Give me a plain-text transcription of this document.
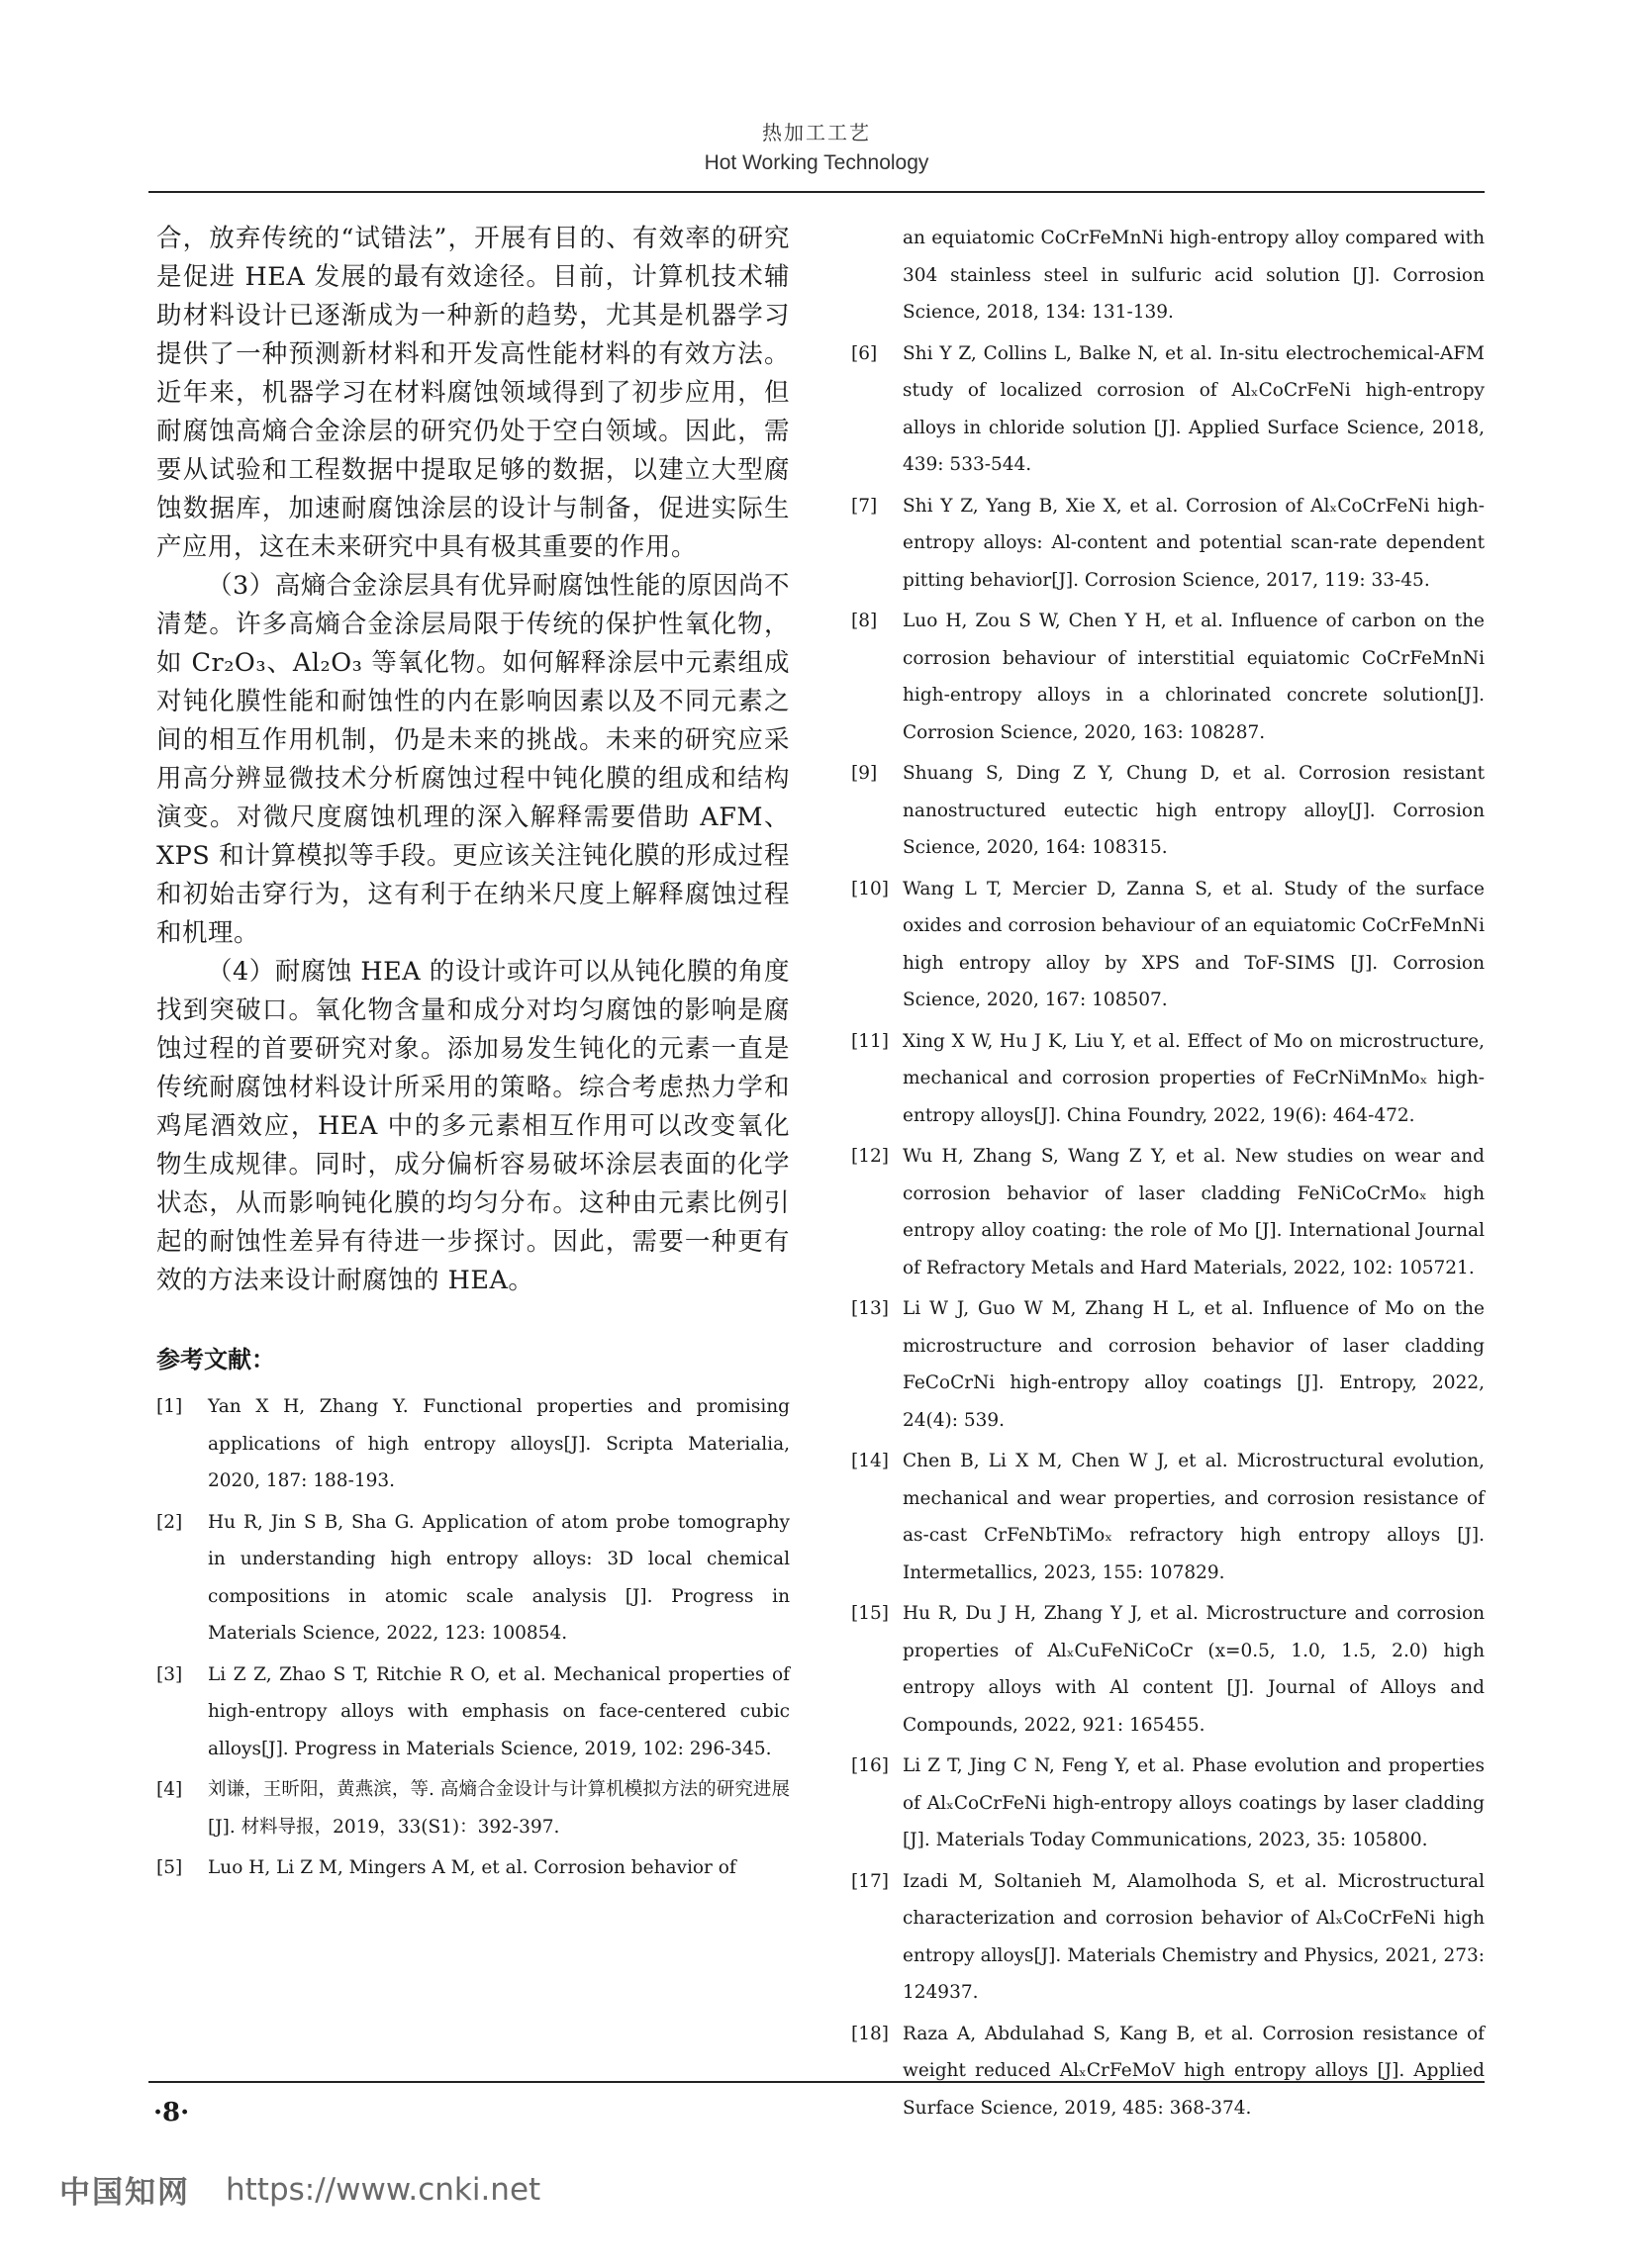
热加工工艺
Hot Working Technology

合，放弃传统的“试错法”，开展有目的、有效率的研究是促进 HEA 发展的最有效途径。目前，计算机技术辅助材料设计已逐渐成为一种新的趋势，尤其是机器学习提供了一种预测新材料和开发高性能材料的有效方法。近年来，机器学习在材料腐蚀领域得到了初步应用，但耐腐蚀高熵合金涂层的研究仍处于空白领域。因此，需要从试验和工程数据中提取足够的数据，以建立大型腐蚀数据库，加速耐腐蚀涂层的设计与制备，促进实际生产应用，这在未来研究中具有极其重要的作用。

（3）高熵合金涂层具有优异耐腐蚀性能的原因尚不清楚。许多高熵合金涂层局限于传统的保护性氧化物，如 Cr₂O₃、Al₂O₃ 等氧化物。如何解释涂层中元素组成对钝化膜性能和耐蚀性的内在影响因素以及不同元素之间的相互作用机制，仍是未来的挑战。未来的研究应采用高分辨显微技术分析腐蚀过程中钝化膜的组成和结构演变。对微尺度腐蚀机理的深入解释需要借助 AFM、XPS 和计算模拟等手段。更应该关注钝化膜的形成过程和初始击穿行为，这有利于在纳米尺度上解释腐蚀过程和机理。

（4）耐腐蚀 HEA 的设计或许可以从钝化膜的角度找到突破口。氧化物含量和成分对均匀腐蚀的影响是腐蚀过程的首要研究对象。添加易发生钝化的元素一直是传统耐腐蚀材料设计所采用的策略。综合考虑热力学和鸡尾酒效应，HEA 中的多元素相互作用可以改变氧化物生成规律。同时，成分偏析容易破坏涂层表面的化学状态，从而影响钝化膜的均匀分布。这种由元素比例引起的耐蚀性差异有待进一步探讨。因此，需要一种更有效的方法来设计耐腐蚀的 HEA。

参考文献：
[1]	Yan X H, Zhang Y. Functional properties and promising applications of high entropy alloys[J]. Scripta Materialia, 2020, 187: 188-193.
[2]	Hu R, Jin S B, Sha G. Application of atom probe tomography in understanding high entropy alloys: 3D local chemical compositions in atomic scale analysis [J]. Progress in Materials Science, 2022, 123: 100854.
[3]	Li Z Z, Zhao S T, Ritchie R O, et al. Mechanical properties of high-entropy alloys with emphasis on face-centered cubic alloys[J]. Progress in Materials Science, 2019, 102: 296-345.
[4]	刘谦，王昕阳，黄燕滨，等. 高熵合金设计与计算机模拟方法的研究进展[J]. 材料导报，2019，33(S1)：392-397.
[5]	Luo H, Li Z M, Mingers A M, et al. Corrosion behavior of
an equiatomic CoCrFeMnNi high-entropy alloy compared with 304 stainless steel in sulfuric acid solution [J]. Corrosion Science, 2018, 134: 131-139.
[6]	Shi Y Z, Collins L, Balke N, et al. In-situ electrochemical-AFM study of localized corrosion of AlₓCoCrFeNi high-entropy alloys in chloride solution [J]. Applied Surface Science, 2018, 439: 533-544.
[7]	Shi Y Z, Yang B, Xie X, et al. Corrosion of AlₓCoCrFeNi high-entropy alloys: Al-content and potential scan-rate dependent pitting behavior[J]. Corrosion Science, 2017, 119: 33-45.
[8]	Luo H, Zou S W, Chen Y H, et al. Influence of carbon on the corrosion behaviour of interstitial equiatomic CoCrFeMnNi high-entropy alloys in a chlorinated concrete solution[J]. Corrosion Science, 2020, 163: 108287.
[9]	Shuang S, Ding Z Y, Chung D, et al. Corrosion resistant nanostructured eutectic high entropy alloy[J]. Corrosion Science, 2020, 164: 108315.
[10] Wang L T, Mercier D, Zanna S, et al. Study of the surface oxides and corrosion behaviour of an equiatomic CoCrFeMnNi high entropy alloy by XPS and ToF-SIMS [J]. Corrosion Science, 2020, 167: 108507.
[11] Xing X W, Hu J K, Liu Y, et al. Effect of Mo on microstructure, mechanical and corrosion properties of FeCrNiMnMoₓ high-entropy alloys[J]. China Foundry, 2022, 19(6): 464-472.
[12] Wu H, Zhang S, Wang Z Y, et al. New studies on wear and corrosion behavior of laser cladding FeNiCoCrMoₓ high entropy alloy coating: the role of Mo [J]. International Journal of Refractory Metals and Hard Materials, 2022, 102: 105721.
[13] Li W J, Guo W M, Zhang H L, et al. Influence of Mo on the microstructure and corrosion behavior of laser cladding FeCoCrNi high-entropy alloy coatings [J]. Entropy, 2022, 24(4): 539.
[14] Chen B, Li X M, Chen W J, et al. Microstructural evolution, mechanical and wear properties, and corrosion resistance of as-cast CrFeNbTiMoₓ refractory high entropy alloys [J]. Intermetallics, 2023, 155: 107829.
[15] Hu R, Du J H, Zhang Y J, et al. Microstructure and corrosion properties of AlₓCuFeNiCoCr (x=0.5, 1.0, 1.5, 2.0) high entropy alloys with Al content [J]. Journal of Alloys and Compounds, 2022, 921: 165455.
[16] Li Z T, Jing C N, Feng Y, et al. Phase evolution and properties of AlₓCoCrFeNi high-entropy alloys coatings by laser cladding [J]. Materials Today Communications, 2023, 35: 105800.
[17] Izadi M, Soltanieh M, Alamolhoda S, et al. Microstructural characterization and corrosion behavior of AlₓCoCrFeNi high entropy alloys[J]. Materials Chemistry and Physics, 2021, 273: 124937.
[18] Raza A, Abdulahad S, Kang B, et al. Corrosion resistance of weight reduced AlₓCrFeMoV high entropy alloys [J]. Applied Surface Science, 2019, 485: 368-374.
·8·
中国知网 https://www.cnki.net
